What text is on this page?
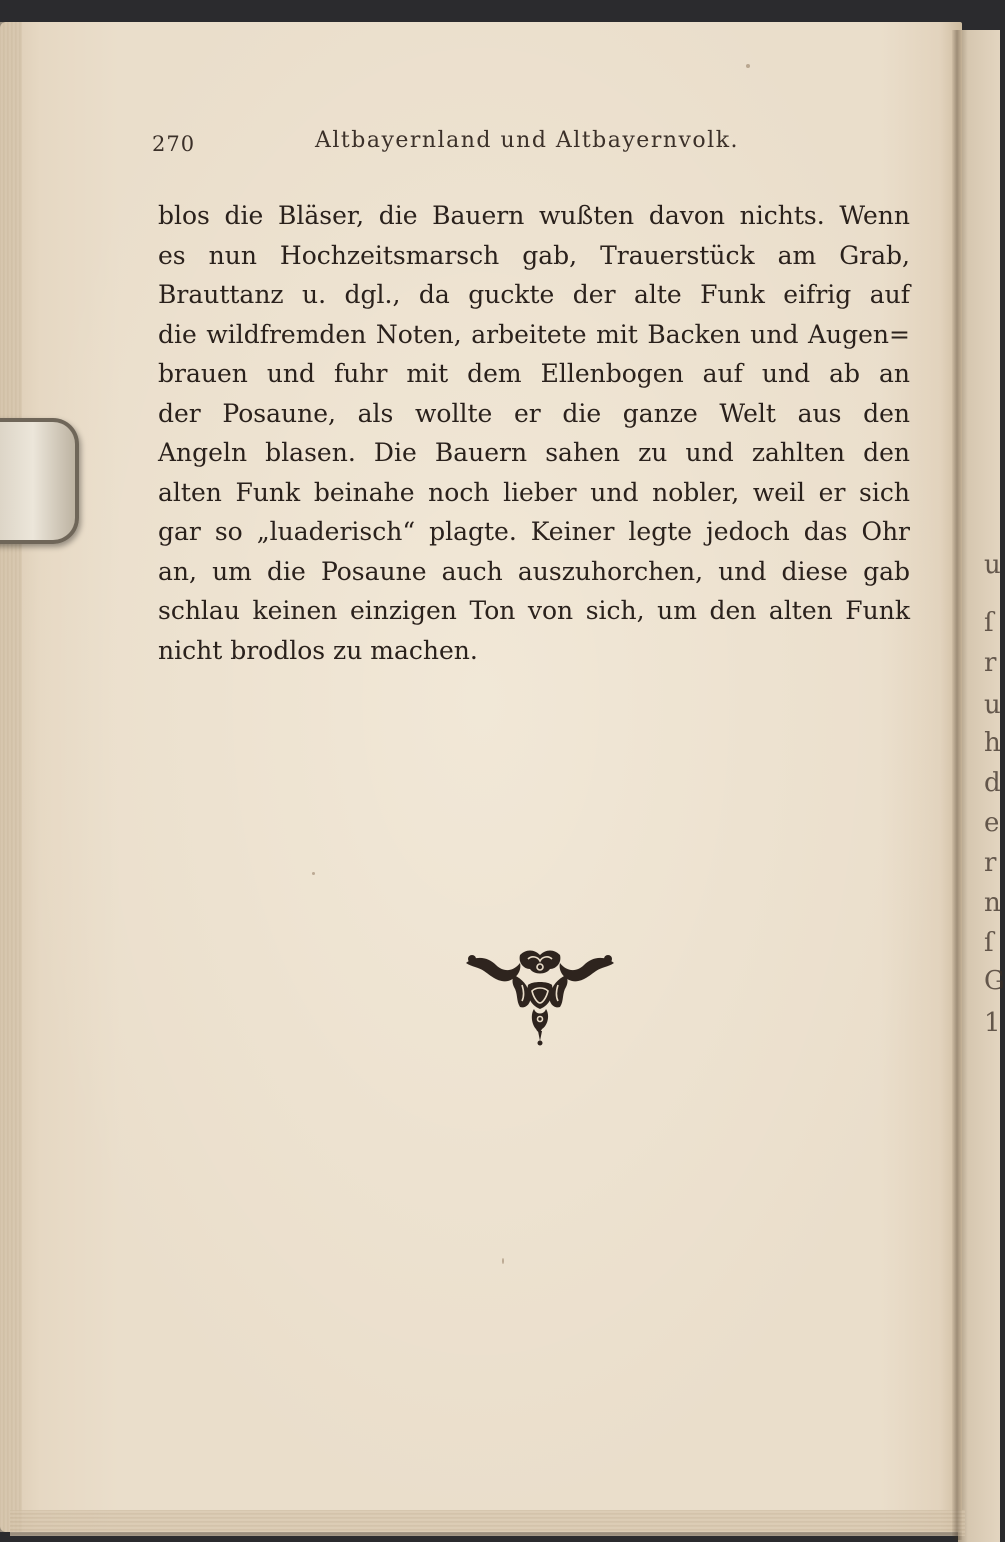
u
ſ
r
u
h
d
e
r
n
ſ
G
1
270	Altbayernland und Altbayernvolk.
blos die Bläser, die Bauern wußten davon nichts. Wenn
es nun Hochzeitsmarsch gab, Trauerstück am Grab,
Brauttanz u. dgl., da guckte der alte Funk eifrig auf
die wildfremden Noten, arbeitete mit Backen und Augen=
brauen und fuhr mit dem Ellenbogen auf und ab an
der Posaune, als wollte er die ganze Welt aus den
Angeln blasen. Die Bauern sahen zu und zahlten den
alten Funk beinahe noch lieber und nobler, weil er sich
gar so „luaderisch“ plagte. Keiner legte jedoch das Ohr
an, um die Posaune auch auszuhorchen, und diese gab
schlau keinen einzigen Ton von sich, um den alten Funk
nicht brodlos zu machen.
